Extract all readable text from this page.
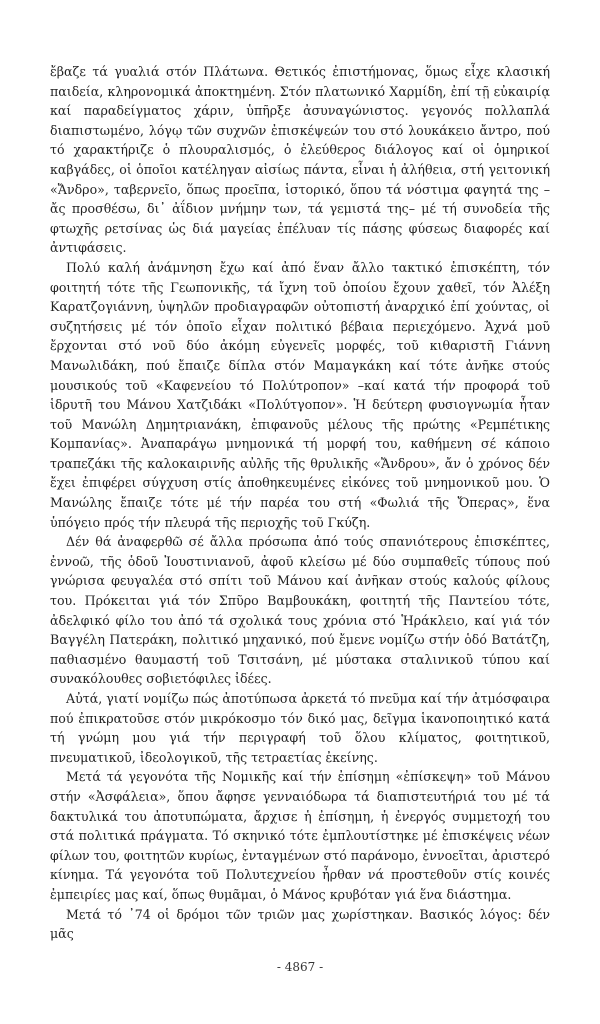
ἔβαζε τά γυαλιά στόν Πλάτωνα. Θετικός ἐπιστήμονας, ὅμως εἶχε κλασική παιδεία, κληρονομικά ἀποκτημένη. Στόν πλατωνικό Χαρμίδη, ἐπί τῇ εὐκαιρίᾳ καί παραδείγματος χάριν, ὑπῆρξε ἀσυναγώνιστος. γεγονός πολλαπλά διαπιστωμένο, λόγῳ τῶν συχνῶν ἐπισκέψεών του στό λουκάκειο ἄντρο, πού τό χαρακτήριζε ὁ πλουραλισμός, ὁ ἐλεύθερος διάλογος καί οἱ ὁμηρικοί καβγάδες, οἱ ὁποῖοι κατέληγαν αἰσίως πάντα, εἶναι ἡ ἀλήθεια, στή γειτονική «Ἄνδρο», ταβερνεῖο, ὅπως προεῖπα, ἱστορικό, ὅπου τά νόστιμα φαγητά της –ἄς προσθέσω, δι᾽ ἀΐδιον μνήμην των, τά γεμιστά της– μέ τή συνοδεία τῆς φτωχῆς ρετσίνας ὡς διά μαγείας ἐπέλυαν τίς πάσης φύσεως διαφορές καί ἀντιφάσεις.

Πολύ καλή ἀνάμνηση ἔχω καί ἀπό ἕναν ἄλλο τακτικό ἐπισκέπτη, τόν φοιτητή τότε τῆς Γεωπονικῆς, τά ἴχνη τοῦ ὁποίου ἔχουν χαθεῖ, τόν Ἀλέξη Καρατζογιάννη, ὑψηλῶν προδιαγραφῶν οὐτοπιστή ἀναρχικό ἐπί χούντας, οἱ συζητήσεις μέ τόν ὁποῖο εἶχαν πολιτικό βέβαια περιεχόμενο. Ἀχνά μοῦ ἔρχονται στό νοῦ δύο ἀκόμη εὐγενεῖς μορφές, τοῦ κιθαριστῆ Γιάννη Μανωλιδάκη, πού ἔπαιζε δίπλα στόν Μαμαγκάκη καί τότε ἀνῆκε στούς μουσικούς τοῦ «Καφενείου τό Πολύτροπον» –καί κατά τήν προφορά τοῦ ἱδρυτῆ του Μάνου Χατζιδάκι «Πολύτγοπον». Ἡ δεύτερη φυσιογνωμία ἦταν τοῦ Μανώλη Δημητριανάκη, ἐπιφανοῦς μέλους τῆς πρώτης «Ρεμπέτικης Κομπανίας». Ἀναπαράγω μνημονικά τή μορφή του, καθήμενη σέ κάποιο τραπεζάκι τῆς καλοκαιρινῆς αὐλῆς τῆς θρυλικῆς «Ἄνδρου», ἄν ὁ χρόνος δέν ἔχει ἐπιφέρει σύγχυση στίς ἀποθηκευμένες εἰκόνες τοῦ μνημονικοῦ μου. Ὁ Μανώλης ἔπαιζε τότε μέ τήν παρέα του στή «Φωλιά τῆς Ὄπερας», ἕνα ὑπόγειο πρός τήν πλευρά τῆς περιοχῆς τοῦ Γκύζη.

Δέν θά ἀναφερθῶ σέ ἄλλα πρόσωπα ἀπό τούς σπανιότερους ἐπισκέπτες, ἐννοῶ, τῆς ὁδοῦ Ἰουστινιανοῦ, ἀφοῦ κλείσω μέ δύο συμπαθεῖς τύπους πού γνώρισα φευγαλέα στό σπίτι τοῦ Μάνου καί ἀνῆκαν στούς καλούς φίλους του. Πρόκειται γιά τόν Σπῦρο Βαμβουκάκη, φοιτητή τῆς Παντείου τότε, ἀδελφικό φίλο του ἀπό τά σχολικά τους χρόνια στό Ἡράκλειο, καί γιά τόν Βαγγέλη Πατεράκη, πολιτικό μηχανικό, πού ἔμενε νομίζω στήν ὁδό Βατάτζη, παθιασμένο θαυμαστή τοῦ Τσιτσάνη, μέ μύστακα σταλινικοῦ τύπου καί συνακόλουθες σοβιετόφιλες ἰδέες.

Αὐτά, γιατί νομίζω πώς ἀποτύπωσα ἀρκετά τό πνεῦμα καί τήν ἀτμόσφαιρα πού ἐπικρατοῦσε στόν μικρόκοσμο τόν δικό μας, δεῖγμα ἱκανοποιητικό κατά τή γνώμη μου γιά τήν περιγραφή τοῦ ὅλου κλίματος, φοιτητικοῦ, πνευματικοῦ, ἰδεολογικοῦ, τῆς τετραετίας ἐκείνης.

Μετά τά γεγονότα τῆς Νομικῆς καί τήν ἐπίσημη «ἐπίσκεψη» τοῦ Μάνου στήν «Ἀσφάλεια», ὅπου ἄφησε γενναιόδωρα τά διαπιστευτήριά του μέ τά δακτυλικά του ἀποτυπώματα, ἄρχισε ἡ ἐπίσημη, ἡ ἐνεργός συμμετοχή του στά πολιτικά πράγματα. Τό σκηνικό τότε ἐμπλουτίστηκε μέ ἐπισκέψεις νέων φίλων του, φοιτητῶν κυρίως, ἐνταγμένων στό παράνομο, ἐννοεῖται, ἀριστερό κίνημα. Τά γεγονότα τοῦ Πολυτεχνείου ἦρθαν νά προστεθοῦν στίς κοινές ἐμπειρίες μας καί, ὅπως θυμᾶμαι, ὁ Μάνος κρυβόταν γιά ἕνα διάστημα.

Μετά τό ᾽74 οἱ δρόμοι τῶν τριῶν μας χωρίστηκαν. Βασικός λόγος: δέν μᾶς

- 4867 -
